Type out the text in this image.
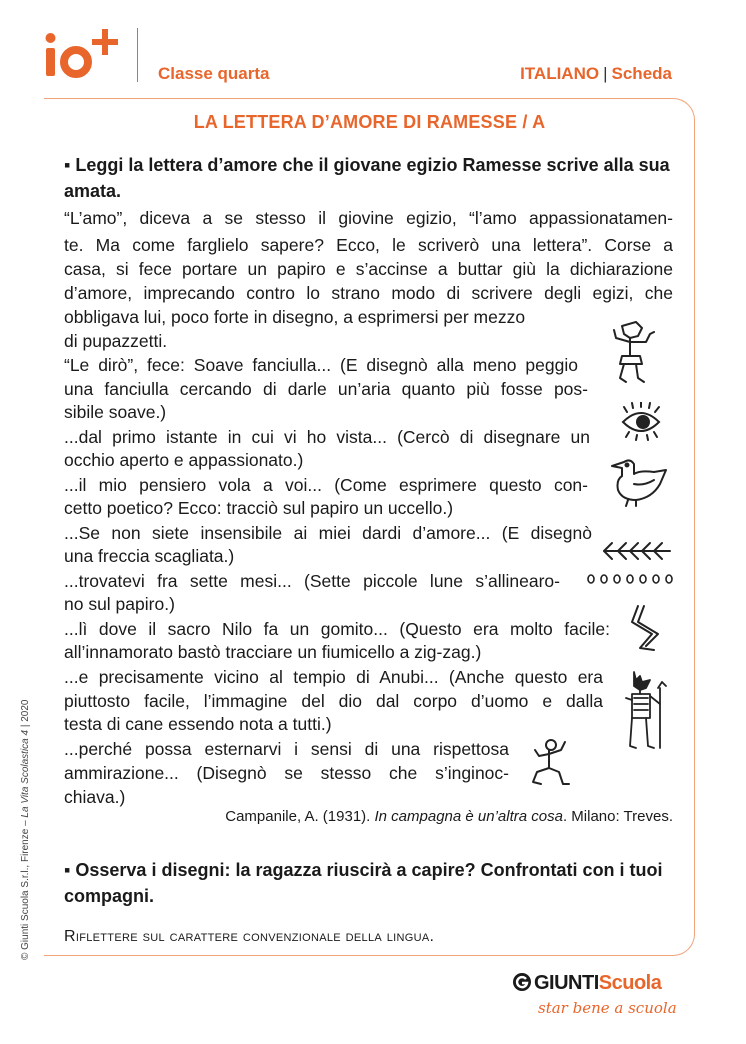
Classe quarta	ITALIANO | Scheda
LA LETTERA D’AMORE DI RAMESSE / A
▪ Leggi la lettera d’amore che il giovane egizio Ramesse scrive alla sua amata.
“L’amo”, diceva a se stesso il giovine egizio, “l’amo appassionatamen-
te. Ma come farglielo sapere? Ecco, le scriverò una lettera”. Corse a
casa, si fece portare un papiro e s’accinse a buttar giù la dichiarazione
d’amore, imprecando contro lo strano modo di scrivere degli egizi, che
obbligava lui, poco forte in disegno, a esprimersi per mezzo
di pupazzetti.
“Le dirò”, fece: Soave fanciulla... (E disegnò alla meno peggio
una fanciulla cercando di darle un’aria quanto più fosse pos-
sibile soave.)
...dal primo istante in cui vi ho vista... (Cercò di disegnare un
occhio aperto e appassionato.)
...il mio pensiero vola a voi... (Come esprimere questo con-
cetto poetico? Ecco: tracciò sul papiro un uccello.)
...Se non siete insensibile ai miei dardi d’amore... (E disegnò
una freccia scagliata.)
...trovatevi fra sette mesi... (Sette piccole lune s’allinearo-
no sul papiro.)
...lì dove il sacro Nilo fa un gomito... (Questo era molto facile:
all’innamorato bastò tracciare un fiumicello a zig-zag.)
...e precisamente vicino al tempio di Anubi... (Anche questo era
piuttosto facile, l’immagine del dio dal corpo d’uomo e dalla
testa di cane essendo nota a tutti.)
...perché possa esternarvi i sensi di una rispettosa
ammirazione... (Disegnò se stesso che s’inginoc-
chiava.)
Campanile, A. (1931). In campagna è un’altra cosa. Milano: Treves.
▪ Osserva i disegni: la ragazza riuscirà a capire? Confrontati con i tuoi compagni.
Riflettere sul carattere convenzionale della lingua.
© Giunti Scuola S.r.l., Firenze – La Vita Scolastica 4 | 2020
GIUNTIScuola
star bene a scuola
